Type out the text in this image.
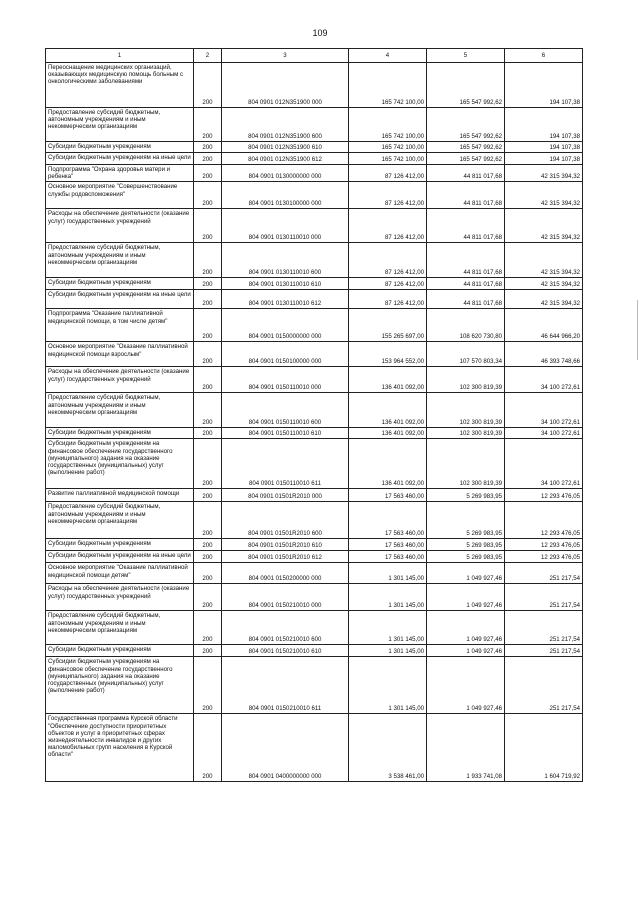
109
1	2	3	4	5	6
Переоснащение медицинских организаций, оказывающих медицинскую помощь больным с онкологическими заболеваниями	200	804 0901 012N351900 000	165 742 100,00	165 547 992,62	194 107,38
Предоставление субсидий бюджетным, автономным учреждениям и иным некоммерческим организациям	200	804 0901 012N351900 600	165 742 100,00	165 547 992,62	194 107,38
Субсидии бюджетным учреждениям	200	804 0901 012N351900 610	165 742 100,00	165 547 992,62	194 107,38
Субсидии бюджетным учреждениям на иные цели	200	804 0901 012N351900 612	165 742 100,00	165 547 992,62	194 107,38
Подпрограмма "Охрана здоровья матери и ребенка"	200	804 0901 0130000000 000	87 126 412,00	44 811 017,68	42 315 394,32
Основное мероприятие "Совершенствование службы родовспоможения"	200	804 0901 0130100000 000	87 126 412,00	44 811 017,68	42 315 394,32
Расходы на обеспечение деятельности (оказание услуг) государственных учреждений	200	804 0901 0130110010 000	87 126 412,00	44 811 017,68	42 315 394,32
Предоставление субсидий бюджетным, автономным учреждениям и иным некоммерческим организациям	200	804 0901 0130110010 600	87 126 412,00	44 811 017,68	42 315 394,32
Субсидии бюджетным учреждениям	200	804 0901 0130110010 610	87 126 412,00	44 811 017,68	42 315 394,32
Субсидии бюджетным учреждениям на иные цели	200	804 0901 0130110010 612	87 126 412,00	44 811 017,68	42 315 394,32
Подпрограмма "Оказание паллиативной медицинской помощи, в том числе детям"	200	804 0901 0150000000 000	155 265 697,00	108 620 730,80	46 644 966,20
Основное мероприятие "Оказание паллиативной медицинской помощи взрослым"	200	804 0901 0150100000 000	153 964 552,00	107 570 803,34	46 393 748,66
Расходы на обеспечение деятельности (оказание услуг) государственных учреждений	200	804 0901 0150110010 000	136 401 092,00	102 300 819,39	34 100 272,61
Предоставление субсидий бюджетным, автономным учреждениям и иным некоммерческим организациям	200	804 0901 0150110010 600	136 401 092,00	102 300 819,39	34 100 272,61
Субсидии бюджетным учреждениям	200	804 0901 0150110010 610	136 401 092,00	102 300 819,39	34 100 272,61
Субсидии бюджетным учреждениям на финансовое обеспечение государственного (муниципального) задания на оказание государственных (муниципальных) услуг (выполнение работ)	200	804 0901 0150110010 611	136 401 092,00	102 300 819,39	34 100 272,61
Развитие паллиативной медицинской помощи	200	804 0901 01501R2010 000	17 563 460,00	5 269 983,95	12 293 476,05
Предоставление субсидий бюджетным, автономным учреждениям и иным некоммерческим организациям	200	804 0901 01501R2010 600	17 563 460,00	5 269 983,95	12 293 476,05
Субсидии бюджетным учреждениям	200	804 0901 01501R2010 610	17 563 460,00	5 269 983,95	12 293 476,05
Субсидии бюджетным учреждениям на иные цели	200	804 0901 01501R2010 612	17 563 460,00	5 269 983,95	12 293 476,05
Основное мероприятие "Оказание паллиативной медицинской помощи детям"	200	804 0901 0150200000 000	1 301 145,00	1 049 927,46	251 217,54
Расходы на обеспечение деятельности (оказание услуг) государственных учреждений	200	804 0901 0150210010 000	1 301 145,00	1 049 927,46	251 217,54
Предоставление субсидий бюджетным, автономным учреждениям и иным некоммерческим организациям	200	804 0901 0150210010 600	1 301 145,00	1 049 927,46	251 217,54
Субсидии бюджетным учреждениям	200	804 0901 0150210010 610	1 301 145,00	1 049 927,46	251 217,54
Субсидии бюджетным учреждениям на финансовое обеспечение государственного (муниципального) задания на оказание государственных (муниципальных) услуг (выполнение работ)	200	804 0901 0150210010 611	1 301 145,00	1 049 927,46	251 217,54
Государственная программа Курской области "Обеспечение доступности приоритетных объектов и услуг в приоритетных сферах жизнедеятельности инвалидов и других маломобильных групп населения в Курской области"	200	804 0901 0400000000 000	3 538 461,00	1 933 741,08	1 604 719,92
